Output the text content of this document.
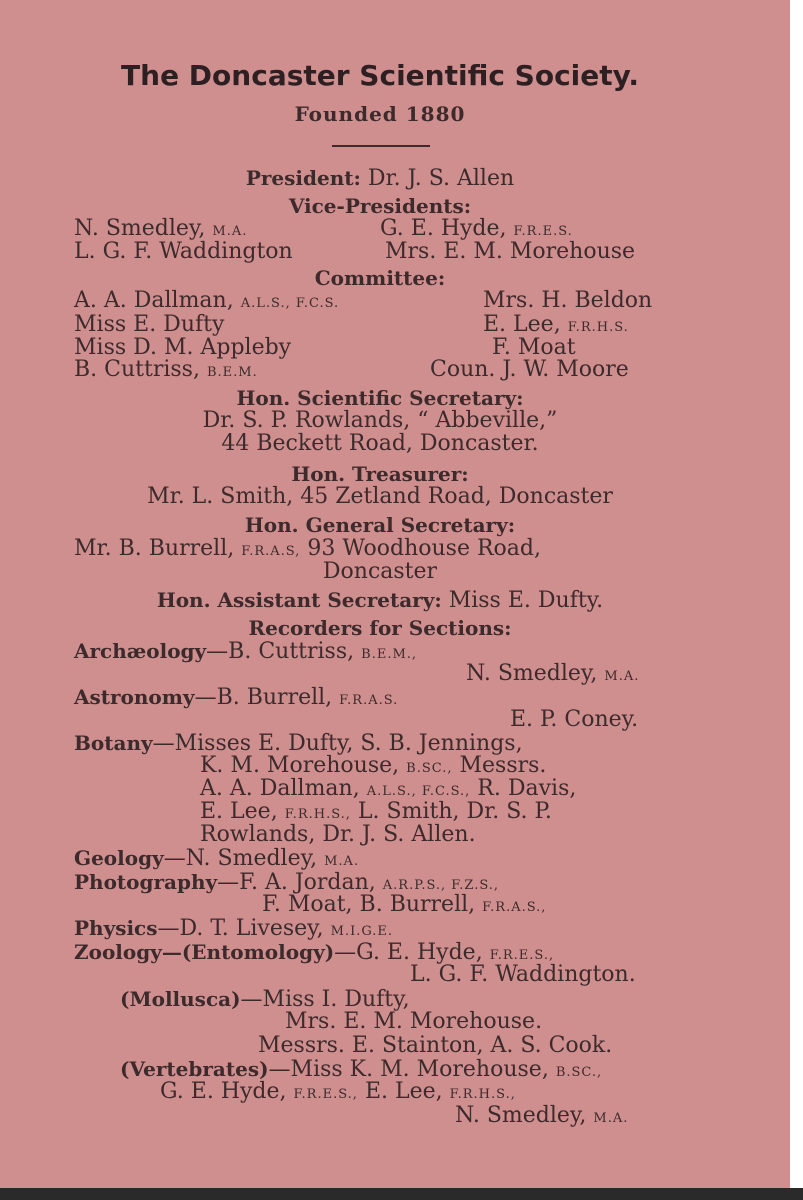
The Doncaster Scientific Society.
Founded 1880
President: Dr. J. S. Allen
Vice-Presidents:
N. Smedley, M.A.	G. E. Hyde, F.R.E.S.
L. G. F. Waddington	Mrs. E. M. Morehouse
Committee:
A. A. Dallman, A.L.S., F.C.S.	Mrs. H. Beldon
Miss E. Dufty	E. Lee, F.R.H.S.
Miss D. M. Appleby	F. Moat
B. Cuttriss, B.E.M.	Coun. J. W. Moore
Hon. Scientific Secretary:
Dr. S. P. Rowlands, “ Abbeville,”
44 Beckett Road, Doncaster.
Hon. Treasurer:
Mr. L. Smith, 45 Zetland Road, Doncaster
Hon. General Secretary:
Mr. B. Burrell, F.R.A.S, 93 Woodhouse Road,
Doncaster
Hon. Assistant Secretary: Miss E. Dufty.
Recorders for Sections:
Archæology—B. Cuttriss, B.E.M.,
N. Smedley, M.A.
Astronomy—B. Burrell, F.R.A.S.
E. P. Coney.
Botany—Misses E. Dufty, S. B. Jennings,
K. M. Morehouse, B.SC., Messrs.
A. A. Dallman, A.L.S., F.C.S., R. Davis,
E. Lee, F.R.H.S., L. Smith, Dr. S. P.
Rowlands, Dr. J. S. Allen.
Geology—N. Smedley, M.A.
Photography—F. A. Jordan, A.R.P.S., F.Z.S.,
F. Moat, B. Burrell, F.R.A.S.,
Physics—D. T. Livesey, M.I.G.E.
Zoology—(Entomology)—G. E. Hyde, F.R.E.S.,
L. G. F. Waddington.
(Mollusca)—Miss I. Dufty,
Mrs. E. M. Morehouse.
Messrs. E. Stainton, A. S. Cook.
(Vertebrates)—Miss K. M. Morehouse, B.SC.,
G. E. Hyde, F.R.E.S., E. Lee, F.R.H.S.,
N. Smedley, M.A.
